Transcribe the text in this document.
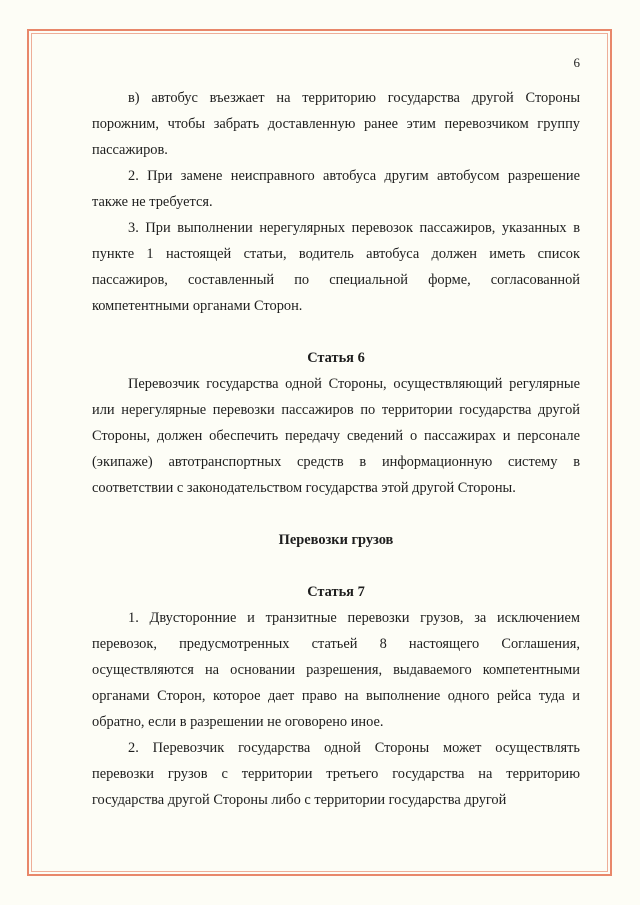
6

в) автобус въезжает на территорию государства другой Стороны порожним, чтобы забрать доставленную ранее этим перевозчиком группу пассажиров.

2. При замене неисправного автобуса другим автобусом разрешение также не требуется.

3. При выполнении нерегулярных перевозок пассажиров, указанных в пункте 1 настоящей статьи, водитель автобуса должен иметь список пассажиров, составленный по специальной форме, согласованной компетентными органами Сторон.

Статья 6

Перевозчик государства одной Стороны, осуществляющий регулярные или нерегулярные перевозки пассажиров по территории государства другой Стороны, должен обеспечить передачу сведений о пассажирах и персонале (экипаже) автотранспортных средств в информационную систему в соответствии с законодательством государства этой другой Стороны.

Перевозки грузов

Статья 7

1. Двусторонние и транзитные перевозки грузов, за исключением перевозок, предусмотренных статьей 8 настоящего Соглашения, осуществляются на основании разрешения, выдаваемого компетентными органами Сторон, которое дает право на выполнение одного рейса туда и обратно, если в разрешении не оговорено иное.

2. Перевозчик государства одной Стороны может осуществлять перевозки грузов с территории третьего государства на территорию государства другой Стороны либо с территории государства другой
